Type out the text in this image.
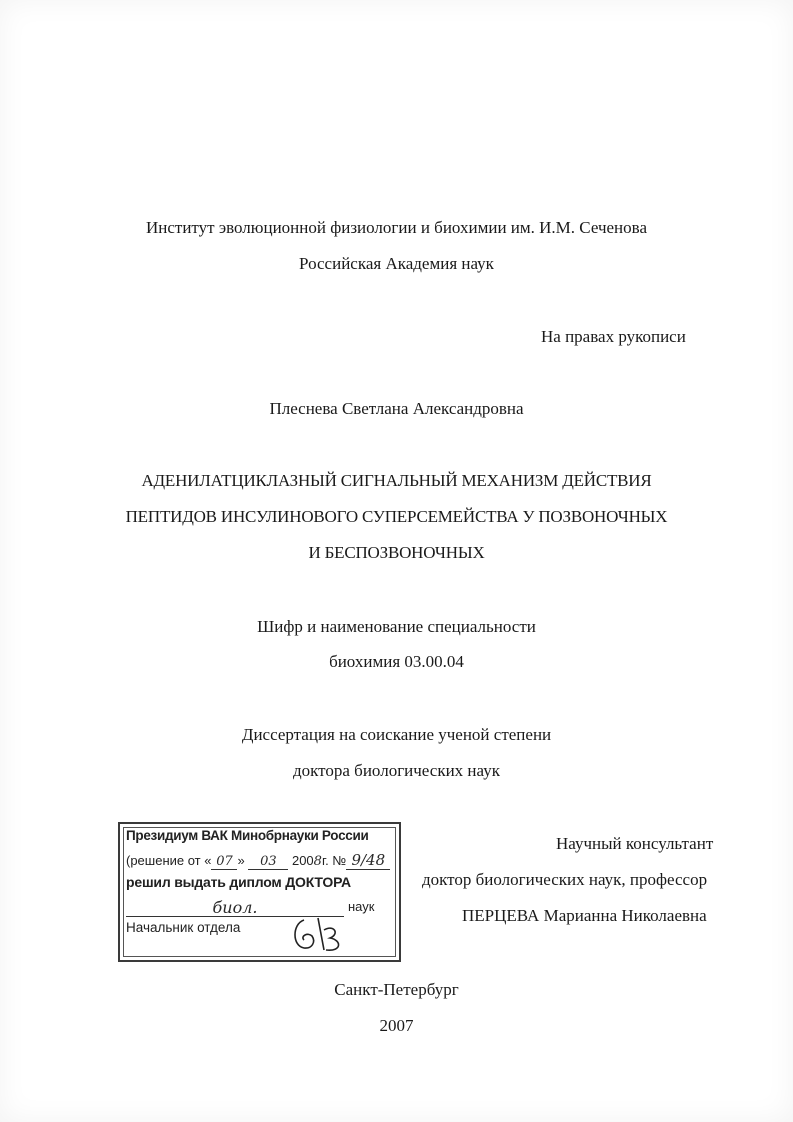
Институт эволюционной физиологии и биохимии им. И.М. Сеченова
Российская Академия наук
На правах рукописи
Плеснева Светлана Александровна
АДЕНИЛАТЦИКЛАЗНЫЙ СИГНАЛЬНЫЙ МЕХАНИЗМ ДЕЙСТВИЯ
ПЕПТИДОВ ИНСУЛИНОВОГО СУПЕРСЕМЕЙСТВА У ПОЗВОНОЧНЫХ
И БЕСПОЗВОНОЧНЫХ
Шифр и наименование специальности
биохимия 03.00.04
Диссертация на соискание ученой степени
доктора биологических наук
Научный консультант
доктор биологических наук, профессор
ПЕРЦЕВА Марианна Николаевна
Президиум ВАК Минобрнауки России
(решение от « 07 » 03 2008г. № 9/48
решил выдать диплом ДОКТОРА
биол.	наук
Начальник отдела
Санкт-Петербург
2007
